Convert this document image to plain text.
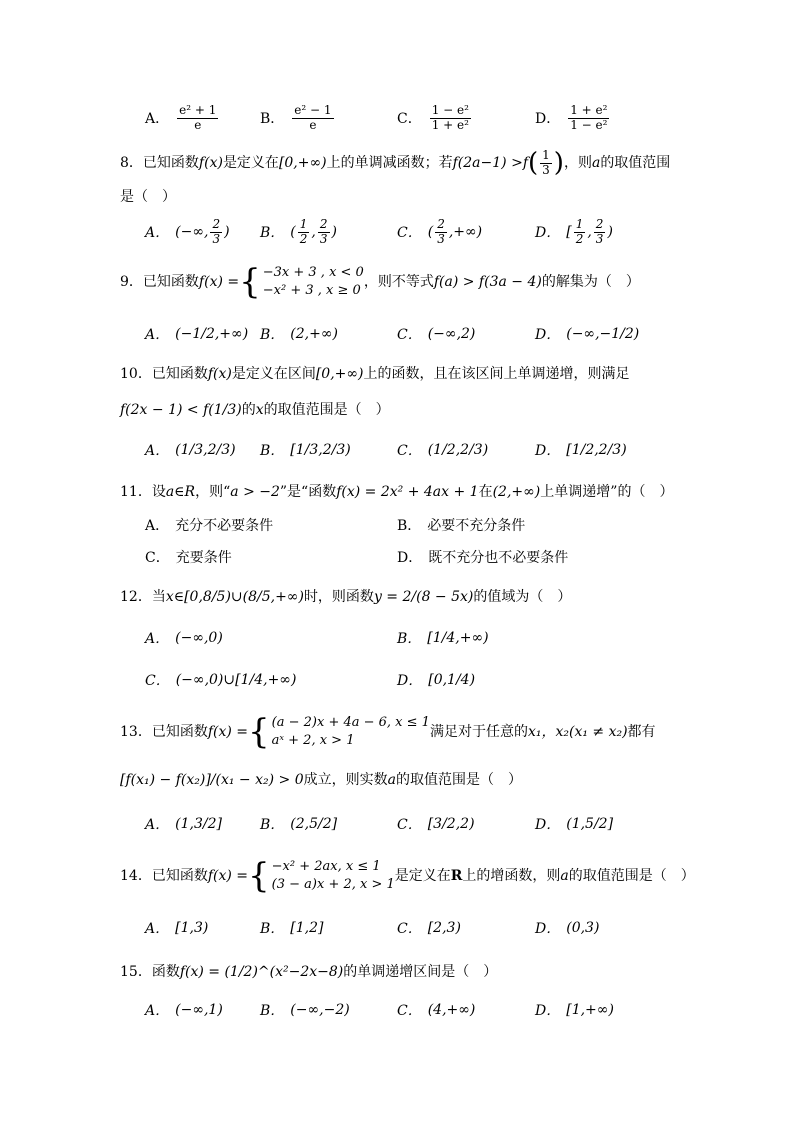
A． $\frac{\text{e² + 1}}{e}$	B． $\frac{\text{e² − 1}}{e}$	C． $\frac{\text{1 − e²}}{\text{1 + e²}}$	D． $\frac{\text{1 + e²}}{\text{1 − e²}}$
8． 已知函数 f(x) 是定义在 [0,+∞) 上的单调减函数；若 f(2a−1) > f ( $\frac{1}{3}$ ) ，则 a 的取值范围
是（　）
A． (−∞, $\frac{2}{3}$ ) B． ( $\frac{1}{2}$ , $\frac{2}{3}$ )	C． ( $\frac{2}{3}$ ,+∞)	D． [ $\frac{1}{2}$ , $\frac{2}{3}$ )
9． 已知函数 f(x) = { −3x + 3 , x < 0
−x² + 3 , x ≥ 0
，则不等式 f(a) > f(3a − 4) 的解集为（　）
A． (−1/2,+∞) B． (2,+∞)	C． (−∞,2)	D． (−∞,−1/2)
10． 已知函数 f(x) 是定义在区间 [0,+∞) 上的函数，且在该区间上单调递增，则满足
f(2x − 1) < f(1/3) 的 x 的取值范围是（　）
A． (1/3,2/3) B． [1/3,2/3)	C． (1/2,2/3)	D． [1/2,2/3)
11． 设 a∈R ，则“ a > −2 ”是“函数 f(x) = 2x² + 4ax + 1 在 (2,+∞) 上单调递增”的（　）
A． 充分不必要条件	B． 必要不充分条件
C． 充要条件	D． 既不充分也不必要条件
12． 当 x∈[0,8/5)∪(8/5,+∞) 时，则函数 y = 2/(8 − 5x) 的值域为（　）
A． (−∞,0)	B． [1/4,+∞)
C． (−∞,0)∪[1/4,+∞)	D． [0,1/4)
13． 已知函数 f(x) = { (a − 2)x + 4a − 6, x ≤ 1
aˣ + 2, x > 1
满足对于任意的 x₁， x₂(x₁ ≠ x₂) 都有
[f(x₁) − f(x₂)]/(x₁ − x₂) > 0 成立，则实数 a 的取值范围是（　）
A． (1,3/2]	B． (2,5/2]	C． [3/2,2)	D． (1,5/2]
14． 已知函数 f(x) = { −x² + 2ax, x ≤ 1
(3 − a)x + 2, x > 1
是定义在 R 上的增函数，则 a 的取值范围是（　）
A． [1,3)	B． [1,2]	C． [2,3)	D． (0,3)
15． 函数 f(x) = (1/2)^(x²−2x−8) 的单调递增区间是（　）
A． (−∞,1)	B． (−∞,−2)	C． (4,+∞)	D． [1,+∞)
